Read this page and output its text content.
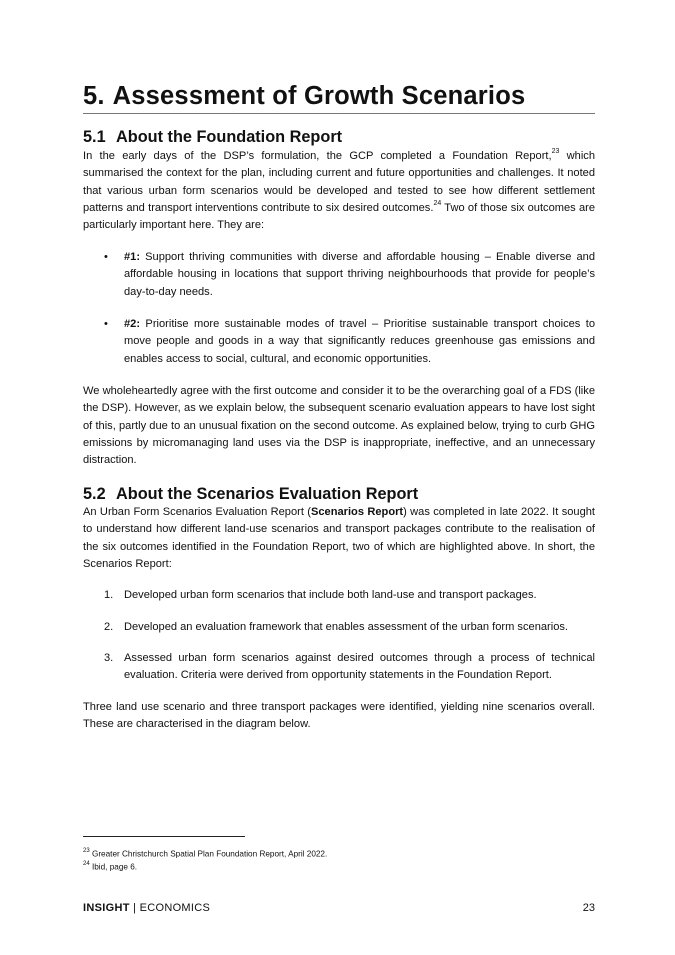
5. Assessment of Growth Scenarios
5.1 About the Foundation Report

In the early days of the DSP’s formulation, the GCP completed a Foundation Report,$^{23}$ which summarised the context for the plan, including current and future opportunities and challenges. It noted that various urban form scenarios would be developed and tested to see how different settlement patterns and transport interventions contribute to six desired outcomes.$^{24}$ Two of those six outcomes are particularly important here. They are:

•	#1: Support thriving communities with diverse and affordable housing – Enable diverse and affordable housing in locations that support thriving neighbourhoods that provide for people’s day-to-day needs.
•	#2: Prioritise more sustainable modes of travel – Prioritise sustainable transport choices to move people and goods in a way that significantly reduces greenhouse gas emissions and enables access to social, cultural, and economic opportunities.

We wholeheartedly agree with the first outcome and consider it to be the overarching goal of a FDS (like the DSP). However, as we explain below, the subsequent scenario evaluation appears to have lost sight of this, partly due to an unusual fixation on the second outcome. As explained below, trying to curb GHG emissions by micromanaging land uses via the DSP is inappropriate, ineffective, and an unnecessary distraction.

5.2 About the Scenarios Evaluation Report

An Urban Form Scenarios Evaluation Report (Scenarios Report) was completed in late 2022. It sought to understand how different land-use scenarios and transport packages contribute to the realisation of the six outcomes identified in the Foundation Report, two of which are highlighted above. In short, the Scenarios Report:

1. Developed urban form scenarios that include both land-use and transport packages.
2. Developed an evaluation framework that enables assessment of the urban form scenarios.
3. Assessed urban form scenarios against desired outcomes through a process of technical evaluation. Criteria were derived from opportunity statements in the Foundation Report.

Three land use scenario and three transport packages were identified, yielding nine scenarios overall. These are characterised in the diagram below.

$^{23}$ Greater Christchurch Spatial Plan Foundation Report, April 2022.
$^{24}$ Ibid, page 6.
INSIGHT | ECONOMICS	23
